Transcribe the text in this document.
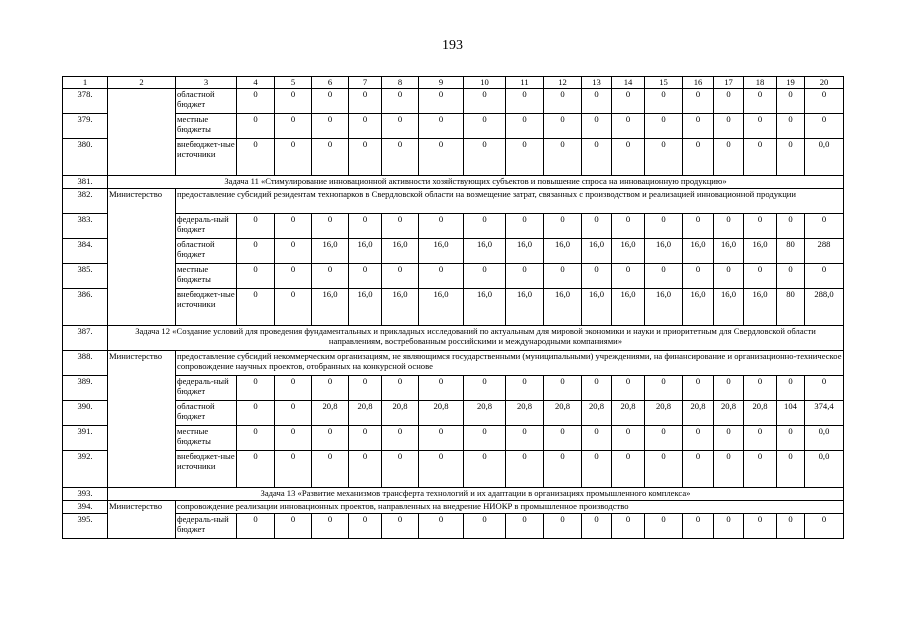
193
1	2	3	4	5	6	7	8	9	10	11	12	13	14	15	16	17	18	19	20
378.		областной бюджет	0	0	0	0	0	0	0	0	0	0	0	0	0	0	0	0	0
379.		местные бюджеты	0	0	0	0	0	0	0	0	0	0	0	0	0	0	0	0	0
380.		внебюджет-ные источники	0	0	0	0	0	0	0	0	0	0	0	0	0	0	0	0	0,0
381.	Задача 11 «Стимулирование инновационной активности хозяйствующих субъектов и повышение спроса на инновационную продукцию»																		
382.	Министерство	предоставление субсидий резидентам технопарков в Свердловской области на возмещение затрат, связанных с производством и реализацией инновационной продукции																	
383.		федераль-ный бюджет	0	0	0	0	0	0	0	0	0	0	0	0	0	0	0	0	0
384.		областной бюджет	0	0	16,0	16,0	16,0	16,0	16,0	16,0	16,0	16,0	16,0	16,0	16,0	16,0	16,0	80	288
385.		местные бюджеты	0	0	0	0	0	0	0	0	0	0	0	0	0	0	0	0	0
386.		внебюджет-ные источники	0	0	16,0	16,0	16,0	16,0	16,0	16,0	16,0	16,0	16,0	16,0	16,0	16,0	16,0	80	288,0
387.	Задача 12 «Создание условий для проведения фундаментальных и прикладных исследований по актуальным для мировой экономики и науки и приоритетным для Свердловской области направлениям, востребованным российскими и международными компаниями»																		
388.	Министерство	предоставление субсидий некоммерческим организациям, не являющимся государственными (муниципальными) учреждениями, на финансирование и организационно-техническое сопровождение научных проектов, отобранных на конкурсной основе																	
389.		федераль-ный бюджет	0	0	0	0	0	0	0	0	0	0	0	0	0	0	0	0	0
390.		областной бюджет	0	0	20,8	20,8	20,8	20,8	20,8	20,8	20,8	20,8	20,8	20,8	20,8	20,8	20,8	104	374,4
391.		местные бюджеты	0	0	0	0	0	0	0	0	0	0	0	0	0	0	0	0	0,0
392.		внебюджет-ные источники	0	0	0	0	0	0	0	0	0	0	0	0	0	0	0	0	0,0
393.	Задача 13 «Развитие механизмов трансферта технологий и их адаптации в организациях промышленного комплекса»																		
394.	Министерство	сопровождение реализации инновационных проектов, направленных на внедрение НИОКР в промышленное производство																	
395.		федераль-ный бюджет	0	0	0	0	0	0	0	0	0	0	0	0	0	0	0	0	0
